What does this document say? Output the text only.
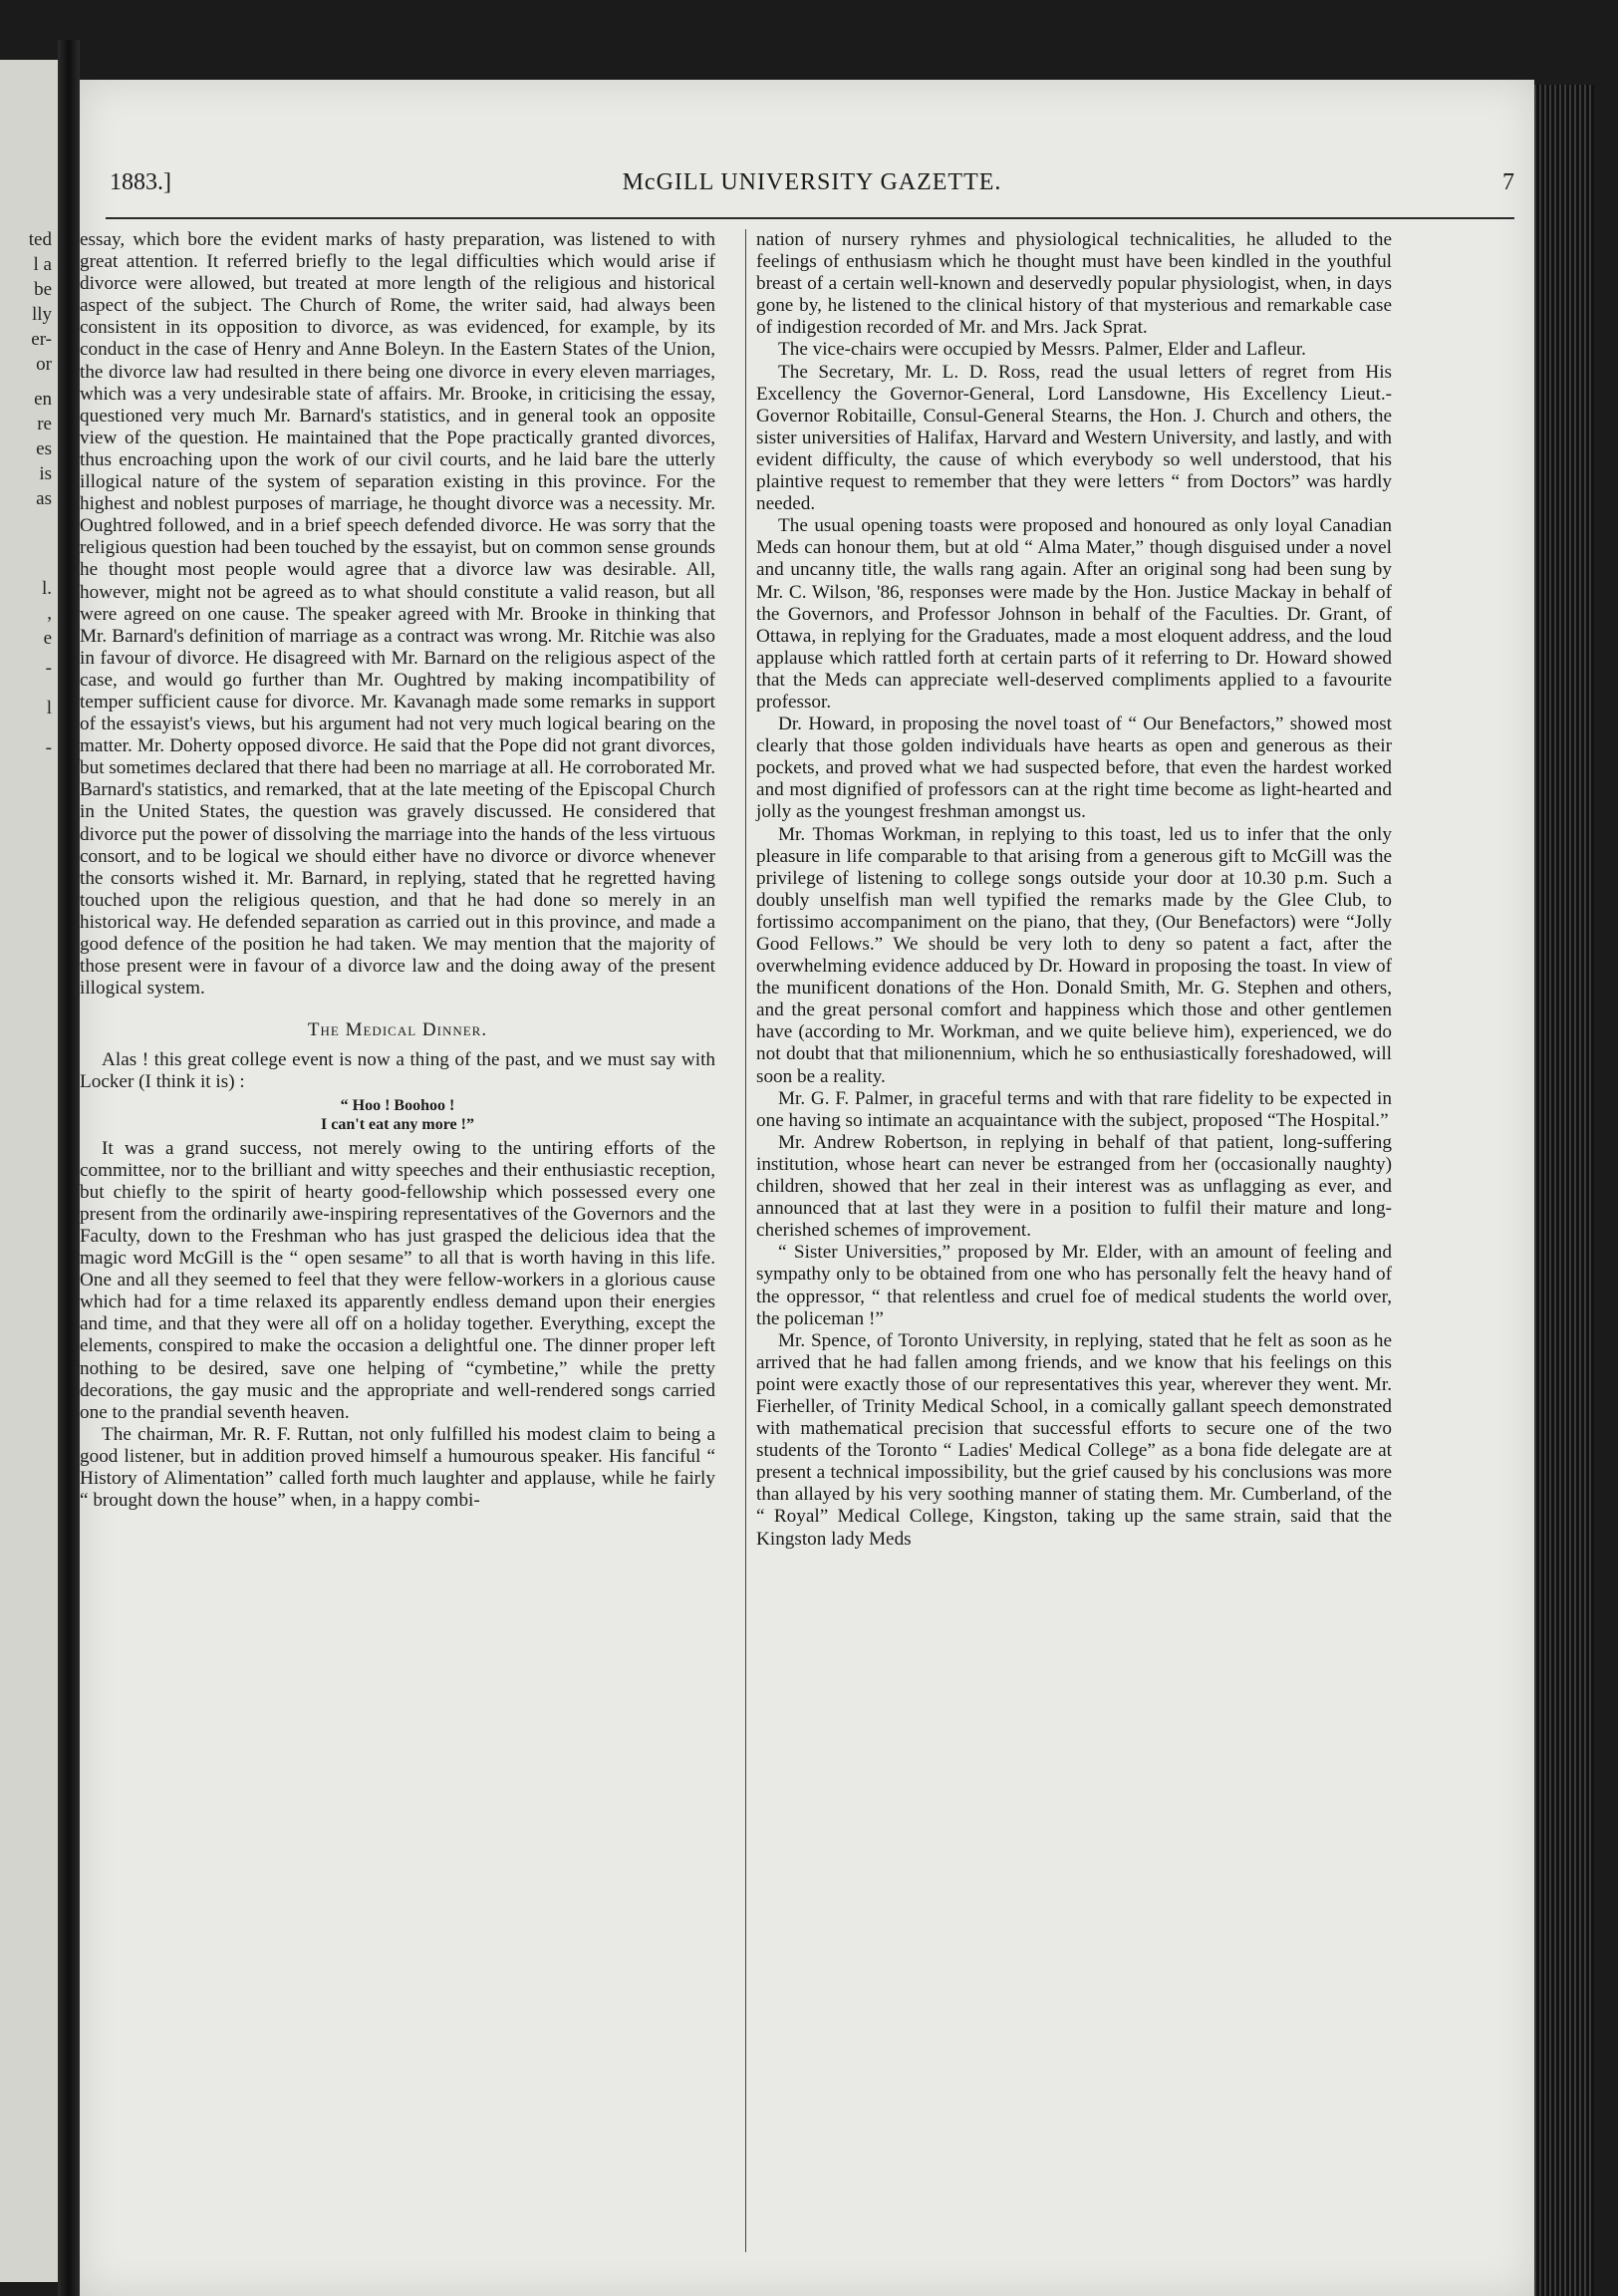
ted
l a
be
lly
er-
or
en
re
es
is
as
l.
,
e
-
l
-
1883.]	McGILL UNIVERSITY GAZETTE.	7

essay, which bore the evident marks of hasty preparation, was listened to with great attention. It referred briefly to the legal difficulties which would arise if divorce were allowed, but treated at more length of the religious and historical aspect of the subject. The Church of Rome, the writer said, had always been consistent in its opposition to divorce, as was evidenced, for example, by its conduct in the case of Henry and Anne Boleyn. In the Eastern States of the Union, the divorce law had resulted in there being one divorce in every eleven marriages, which was a very undesirable state of affairs. Mr. Brooke, in criticising the essay, questioned very much Mr. Barnard's statistics, and in general took an opposite view of the question. He maintained that the Pope practically granted divorces, thus encroaching upon the work of our civil courts, and he laid bare the utterly illogical nature of the system of separation existing in this province. For the highest and noblest purposes of marriage, he thought divorce was a necessity. Mr. Oughtred followed, and in a brief speech defended divorce. He was sorry that the religious question had been touched by the essayist, but on common sense grounds he thought most people would agree that a divorce law was desirable. All, however, might not be agreed as to what should constitute a valid reason, but all were agreed on one cause. The speaker agreed with Mr. Brooke in thinking that Mr. Barnard's definition of marriage as a contract was wrong. Mr. Ritchie was also in favour of divorce. He disagreed with Mr. Barnard on the religious aspect of the case, and would go further than Mr. Oughtred by making incompatibility of temper sufficient cause for divorce. Mr. Kavanagh made some remarks in support of the essayist's views, but his argument had not very much logical bearing on the matter. Mr. Doherty opposed divorce. He said that the Pope did not grant divorces, but sometimes declared that there had been no marriage at all. He corroborated Mr. Barnard's statistics, and remarked, that at the late meeting of the Episcopal Church in the United States, the question was gravely discussed. He considered that divorce put the power of dissolving the marriage into the hands of the less virtuous consort, and to be logical we should either have no divorce or divorce whenever the consorts wished it. Mr. Barnard, in replying, stated that he regretted having touched upon the religious question, and that he had done so merely in an historical way. He defended separation as carried out in this province, and made a good defence of the position he had taken. We may mention that the majority of those present were in favour of a divorce law and the doing away of the present illogical system.

The Medical Dinner.

Alas ! this great college event is now a thing of the past, and we must say with Locker (I think it is) :

“ Hoo ! Boohoo !
I can't eat any more !”

It was a grand success, not merely owing to the untiring efforts of the committee, nor to the brilliant and witty speeches and their enthusiastic reception, but chiefly to the spirit of hearty good-fellowship which possessed every one present from the ordinarily awe-inspiring representatives of the Governors and the Faculty, down to the Freshman who has just grasped the delicious idea that the magic word McGill is the “ open sesame” to all that is worth having in this life. One and all they seemed to feel that they were fellow-workers in a glorious cause which had for a time relaxed its apparently endless demand upon their energies and time, and that they were all off on a holiday together. Everything, except the elements, conspired to make the occasion a delightful one. The dinner proper left nothing to be desired, save one helping of “cymbetine,” while the pretty decorations, the gay music and the appropriate and well-rendered songs carried one to the prandial seventh heaven.

The chairman, Mr. R. F. Ruttan, not only fulfilled his modest claim to being a good listener, but in addition proved himself a humourous speaker. His fanciful “ History of Alimentation” called forth much laughter and applause, while he fairly “ brought down the house” when, in a happy combi-

nation of nursery ryhmes and physiological technicalities, he alluded to the feelings of enthusiasm which he thought must have been kindled in the youthful breast of a certain well-known and deservedly popular physiologist, when, in days gone by, he listened to the clinical history of that mysterious and remarkable case of indigestion recorded of Mr. and Mrs. Jack Sprat.

The vice-chairs were occupied by Messrs. Palmer, Elder and Lafleur.

The Secretary, Mr. L. D. Ross, read the usual letters of regret from His Excellency the Governor-General, Lord Lansdowne, His Excellency Lieut.-Governor Robitaille, Consul-General Stearns, the Hon. J. Church and others, the sister universities of Halifax, Harvard and Western University, and lastly, and with evident difficulty, the cause of which everybody so well understood, that his plaintive request to remember that they were letters “ from Doctors” was hardly needed.

The usual opening toasts were proposed and honoured as only loyal Canadian Meds can honour them, but at old “ Alma Mater,” though disguised under a novel and uncanny title, the walls rang again. After an original song had been sung by Mr. C. Wilson, '86, responses were made by the Hon. Justice Mackay in behalf of the Governors, and Professor Johnson in behalf of the Faculties. Dr. Grant, of Ottawa, in replying for the Graduates, made a most eloquent address, and the loud applause which rattled forth at certain parts of it referring to Dr. Howard showed that the Meds can appreciate well-deserved compliments applied to a favourite professor.

Dr. Howard, in proposing the novel toast of “ Our Benefactors,” showed most clearly that those golden individuals have hearts as open and generous as their pockets, and proved what we had suspected before, that even the hardest worked and most dignified of professors can at the right time become as light-hearted and jolly as the youngest freshman amongst us.

Mr. Thomas Workman, in replying to this toast, led us to infer that the only pleasure in life comparable to that arising from a generous gift to McGill was the privilege of listening to college songs outside your door at 10.30 p.m. Such a doubly unselfish man well typified the remarks made by the Glee Club, to fortissimo accompaniment on the piano, that they, (Our Benefactors) were “Jolly Good Fellows.” We should be very loth to deny so patent a fact, after the overwhelming evidence adduced by Dr. Howard in proposing the toast. In view of the munificent donations of the Hon. Donald Smith, Mr. G. Stephen and others, and the great personal comfort and happiness which those and other gentlemen have (according to Mr. Workman, and we quite believe him), experienced, we do not doubt that that milionennium, which he so enthusiastically foreshadowed, will soon be a reality.

Mr. G. F. Palmer, in graceful terms and with that rare fidelity to be expected in one having so intimate an acquaintance with the subject, proposed “The Hospital.”

Mr. Andrew Robertson, in replying in behalf of that patient, long-suffering institution, whose heart can never be estranged from her (occasionally naughty) children, showed that her zeal in their interest was as unflagging as ever, and announced that at last they were in a position to fulfil their mature and long-cherished schemes of improvement.

“ Sister Universities,” proposed by Mr. Elder, with an amount of feeling and sympathy only to be obtained from one who has personally felt the heavy hand of the oppressor, “ that relentless and cruel foe of medical students the world over, the policeman !”

Mr. Spence, of Toronto University, in replying, stated that he felt as soon as he arrived that he had fallen among friends, and we know that his feelings on this point were exactly those of our representatives this year, wherever they went. Mr. Fierheller, of Trinity Medical School, in a comically gallant speech demonstrated with mathematical precision that successful efforts to secure one of the two students of the Toronto “ Ladies' Medical College” as a bona fide delegate are at present a technical impossibility, but the grief caused by his conclusions was more than allayed by his very soothing manner of stating them. Mr. Cumberland, of the “ Royal” Medical College, Kingston, taking up the same strain, said that the Kingston lady Meds
